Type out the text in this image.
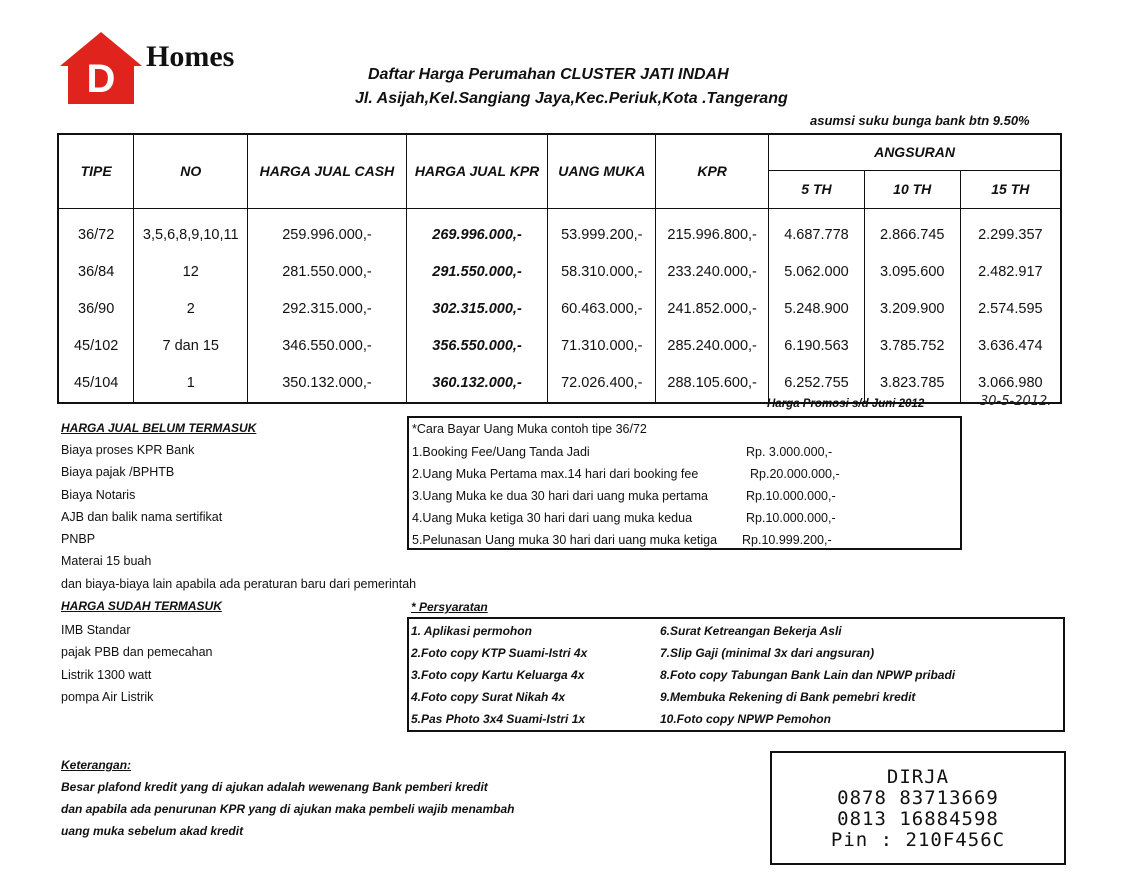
D
Homes
Daftar Harga Perumahan CLUSTER JATI INDAH
Jl. Asijah,Kel.Sangiang Jaya,Kec.Periuk,Kota .Tangerang
asumsi suku bunga bank btn 9.50%
TIPE	NO	HARGA JUAL CASH	HARGA JUAL KPR	UANG MUKA	KPR	ANGSURAN		
						5 TH	10 TH	15 TH
36/72	3,5,6,8,9,10,11	259.996.000,-	269.996.000,-	53.999.200,-	215.996.800,-	4.687.778	2.866.745	2.299.357
36/84	12	281.550.000,-	291.550.000,-	58.310.000,-	233.240.000,-	5.062.000	3.095.600	2.482.917
36/90	2	292.315.000,-	302.315.000,-	60.463.000,-	241.852.000,-	5.248.900	3.209.900	2.574.595
45/102	7 dan 15	346.550.000,-	356.550.000,-	71.310.000,-	285.240.000,-	6.190.563	3.785.752	3.636.474
45/104	1	350.132.000,-	360.132.000,-	72.026.400,-	288.105.600,-	6.252.755	3.823.785	3.066.980
Harga Promosi s/d Juni 2012	30-5-2012.
HARGA JUAL BELUM TERMASUK
Biaya proses KPR Bank
Biaya pajak /BPHTB
Biaya Notaris
AJB dan balik nama sertifikat
PNBP
Materai 15 buah
dan biaya-biaya lain apabila ada peraturan baru dari pemerintah
HARGA SUDAH TERMASUK
IMB Standar
pajak PBB dan pemecahan
Listrik 1300 watt
pompa Air Listrik
*Cara Bayar Uang Muka contoh tipe 36/72
1.Booking Fee/Uang Tanda Jadi	Rp. 3.000.000,-
2.Uang Muka Pertama max.14 hari dari booking fee	Rp.20.000.000,-
3.Uang Muka ke dua 30 hari dari uang muka pertama	Rp.10.000.000,-
4.Uang Muka ketiga 30 hari dari uang muka kedua	Rp.10.000.000,-
5.Pelunasan Uang muka 30 hari dari uang muka ketiga Rp.10.999.200,-
* Persyaratan
1. Aplikasi permohon
2.Foto copy KTP Suami-Istri 4x
3.Foto copy Kartu Keluarga 4x
4.Foto copy Surat Nikah 4x
5.Pas Photo 3x4 Suami-Istri 1x
6.Surat Ketreangan Bekerja Asli
7.Slip Gaji (minimal 3x dari angsuran)
8.Foto copy Tabungan Bank Lain dan NPWP pribadi
9.Membuka Rekening di Bank pemebri kredit
10.Foto copy NPWP Pemohon
Keterangan:
Besar plafond kredit yang di ajukan adalah wewenang Bank pemberi kredit
dan apabila ada penurunan KPR yang di ajukan maka pembeli wajib menambah
uang muka sebelum akad kredit
DIRJA
0878 83713669
0813 16884598
Pin : 210F456C
